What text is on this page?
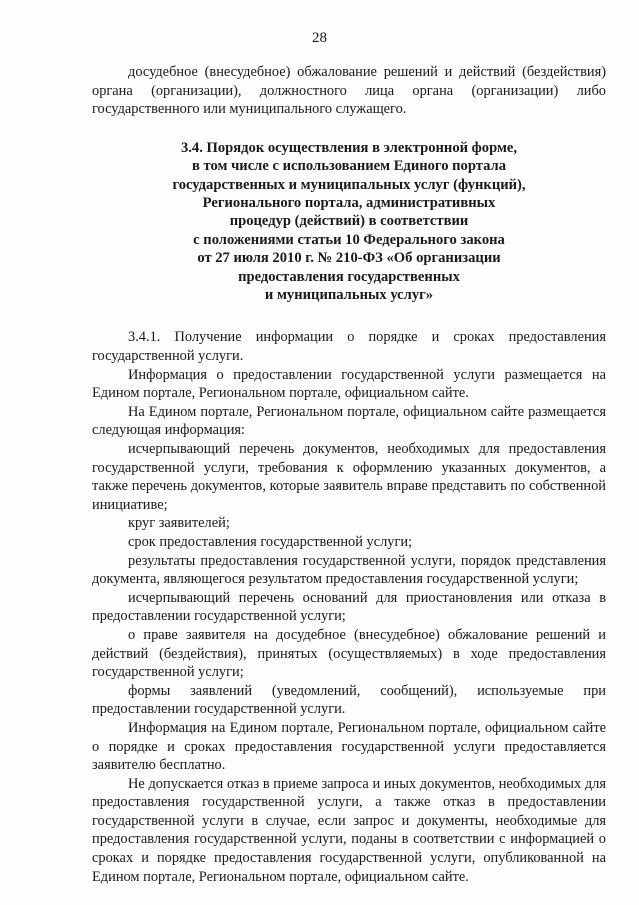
28

досудебное (внесудебное) обжалование решений и действий (бездействия) органа (организации), должностного лица органа (организации) либо государственного или муниципального служащего.

3.4. Порядок осуществления в электронной форме,
в том числе с использованием Единого портала
государственных и муниципальных услуг (функций),
Регионального портала, административных
процедур (действий) в соответствии
с положениями статьи 10 Федерального закона
от 27 июля 2010 г. № 210-ФЗ «Об организации
предоставления государственных
и муниципальных услуг»

3.4.1. Получение информации о порядке и сроках предоставления государственной услуги.

Информация о предоставлении государственной услуги размещается на Едином портале, Региональном портале, официальном сайте.

На Едином портале, Региональном портале, официальном сайте размещается следующая информация:

исчерпывающий перечень документов, необходимых для предоставления государственной услуги, требования к оформлению указанных документов, а также перечень документов, которые заявитель вправе представить по собственной инициативе;

круг заявителей;

срок предоставления государственной услуги;

результаты предоставления государственной услуги, порядок представления документа, являющегося результатом предоставления государственной услуги;

исчерпывающий перечень оснований для приостановления или отказа в предоставлении государственной услуги;

о праве заявителя на досудебное (внесудебное) обжалование решений и действий (бездействия), принятых (осуществляемых) в ходе предоставления государственной услуги;

формы заявлений (уведомлений, сообщений), используемые при предоставлении государственной услуги.

Информация на Едином портале, Региональном портале, официальном сайте о порядке и сроках предоставления государственной услуги предоставляется заявителю бесплатно.

Не допускается отказ в приеме запроса и иных документов, необходимых для предоставления государственной услуги, а также отказ в предоставлении государственной услуги в случае, если запрос и документы, необходимые для предоставления государственной услуги, поданы в соответствии с информацией о сроках и порядке предоставления государственной услуги, опубликованной на Едином портале, Региональном портале, официальном сайте.
